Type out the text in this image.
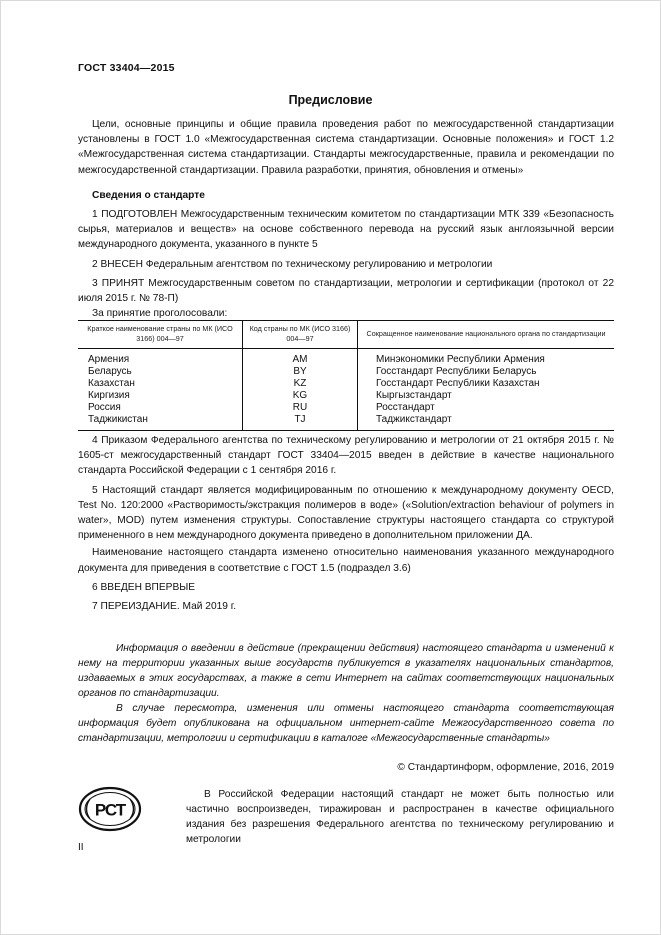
ГОСТ 33404—2015
Предисловие

Цели, основные принципы и общие правила проведения работ по межгосударственной стандартизации установлены в ГОСТ 1.0 «Межгосударственная система стандартизации. Основные положения» и ГОСТ 1.2 «Межгосударственная система стандартизации. Стандарты межгосударственные, правила и рекомендации по межгосударственной стандартизации. Правила разработки, принятия, обновления и отмены»

Сведения о стандарте

1 ПОДГОТОВЛЕН Межгосударственным техническим комитетом по стандартизации МТК 339 «Безопасность сырья, материалов и веществ» на основе собственного перевода на русский язык англоязычной версии международного документа, указанного в пункте 5

2 ВНЕСЕН Федеральным агентством по техническому регулированию и метрологии

3 ПРИНЯТ Межгосударственным советом по стандартизации, метрологии и сертификации (протокол от 22 июля 2015 г. № 78-П)

За принятие проголосовали:

Краткое наименование страны по МК (ИСО 3166) 004—97	Код страны по МК (ИСО 3166) 004—97	Сокращенное наименование национального органа по стандартизации
Армения	AM	Минэкономики Республики Армения
Беларусь	BY	Госстандарт Республики Беларусь
Казахстан	KZ	Госстандарт Республики Казахстан
Киргизия	KG	Кыргызстандарт
Россия	RU	Росстандарт
Таджикистан	TJ	Таджикстандарт

4 Приказом Федерального агентства по техническому регулированию и метрологии от 21 октября 2015 г. № 1605-ст межгосударственный стандарт ГОСТ 33404—2015 введен в действие в качестве национального стандарта Российской Федерации с 1 сентября 2016 г.

5 Настоящий стандарт является модифицированным по отношению к международному документу OECD, Test No. 120:2000 «Растворимость/экстракция полимеров в воде» («Solution/extraction behaviour of polymers in water», MOD) путем изменения структуры. Сопоставление структуры настоящего стандарта со структурой примененного в нем международного документа приведено в дополнительном приложении ДА.

Наименование настоящего стандарта изменено относительно наименования указанного международного документа для приведения в соответствие с ГОСТ 1.5 (подраздел 3.6)

6 ВВЕДЕН ВПЕРВЫЕ

7 ПЕРЕИЗДАНИЕ. Май 2019 г.

Информация о введении в действие (прекращении действия) настоящего стандарта и изменений к нему на территории указанных выше государств публикуется в указателях национальных стандартов, издаваемых в этих государствах, а также в сети Интернет на сайтах соответствующих национальных органов по стандартизации.

В случае пересмотра, изменения или отмены настоящего стандарта соответствующая информация будет опубликована на официальном интернет-сайте Межгосударственного совета по стандартизации, метрологии и сертификации в каталоге «Межгосударственные стандарты»

© Стандартинформ, оформление, 2016, 2019
РСТ

В Российской Федерации настоящий стандарт не может быть полностью или частично воспроизведен, тиражирован и распространен в качестве официального издания без разрешения Федерального агентства по техническому регулированию и метрологии

II
